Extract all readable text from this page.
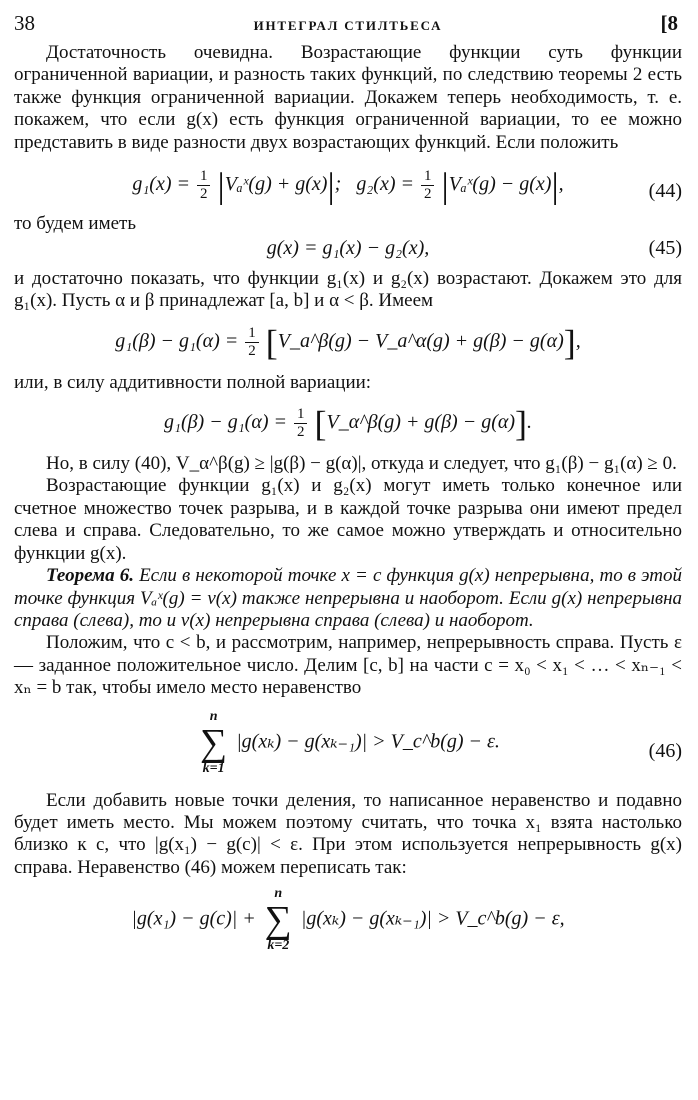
38	ИНТЕГРАЛ СТИЛТЬЕСА	[8

Достаточность очевидна. Возрастающие функции суть функции ограниченной вариации, и разность таких функций, по следствию теоремы 2 есть также функция ограниченной вариации. Докажем теперь необходимость, т. е. покажем, что если g(x) есть функция ограниченной вариации, то ее можно представить в виде разности двух возрастающих функций. Если положить

$g_1(x) = \frac{1}{2}$ |Vₐˣ(g) + g(x)|; $g_2(x) = \frac{1}{2}$ |Vₐˣ(g) − g(x)|,	(44)

то будем иметь

g(x) = g₁(x) − g₂(x),	(45)

и достаточно показать, что функции g₁(x) и g₂(x) возрастают. Докажем это для g₁(x). Пусть α и β принадлежат [a, b] и α < β. Имеем

$g_1(\beta) - g_1(\alpha) = \frac{1}{2}$ [V_a^β(g) − V_a^α(g) + g(β) − g(α)],

или, в силу аддитивности полной вариации:

$g_1(\beta) - g_1(\alpha) = \frac{1}{2}$ [V_α^β(g) + g(β) − g(α)].

Но, в силу (40), V_α^β(g) ≥ |g(β) − g(α)|, откуда и следует, что g₁(β) − g₁(α) ≥ 0.

Возрастающие функции g₁(x) и g₂(x) могут иметь только конечное или счетное множество точек разрыва, и в каждой точке разрыва они имеют предел слева и справа. Следовательно, то же самое можно утверждать и относительно функции g(x).

Теорема 6. Если в некоторой точке x = c функция g(x) непрерывна, то в этой точке функция Vₐˣ(g) = v(x) также непрерывна и наоборот. Если g(x) непрерывна справа (слева), то и v(x) непрерывна справа (слева) и наоборот.

Положим, что c < b, и рассмотрим, например, непрерывность справа. Пусть ε — заданное положительное число. Делим [c, b] на части c = x₀ < x₁ < … < xₙ₋₁ < xₙ = b так, чтобы имело место неравенство

n
∑
k=1
|g(xₖ) − g(xₖ₋₁)| > V_c^b(g) − ε.	(46)

Если добавить новые точки деления, то написанное неравенство и подавно будет иметь место. Мы можем поэтому считать, что точка x₁ взята настолько близко к c, что |g(x₁) − g(c)| < ε. При этом используется непрерывность g(x) справа. Неравенство (46) можем переписать так:

|g(x₁) − g(c)| +
n
∑
k=2
|g(xₖ) − g(xₖ₋₁)| > V_c^b(g) − ε,
